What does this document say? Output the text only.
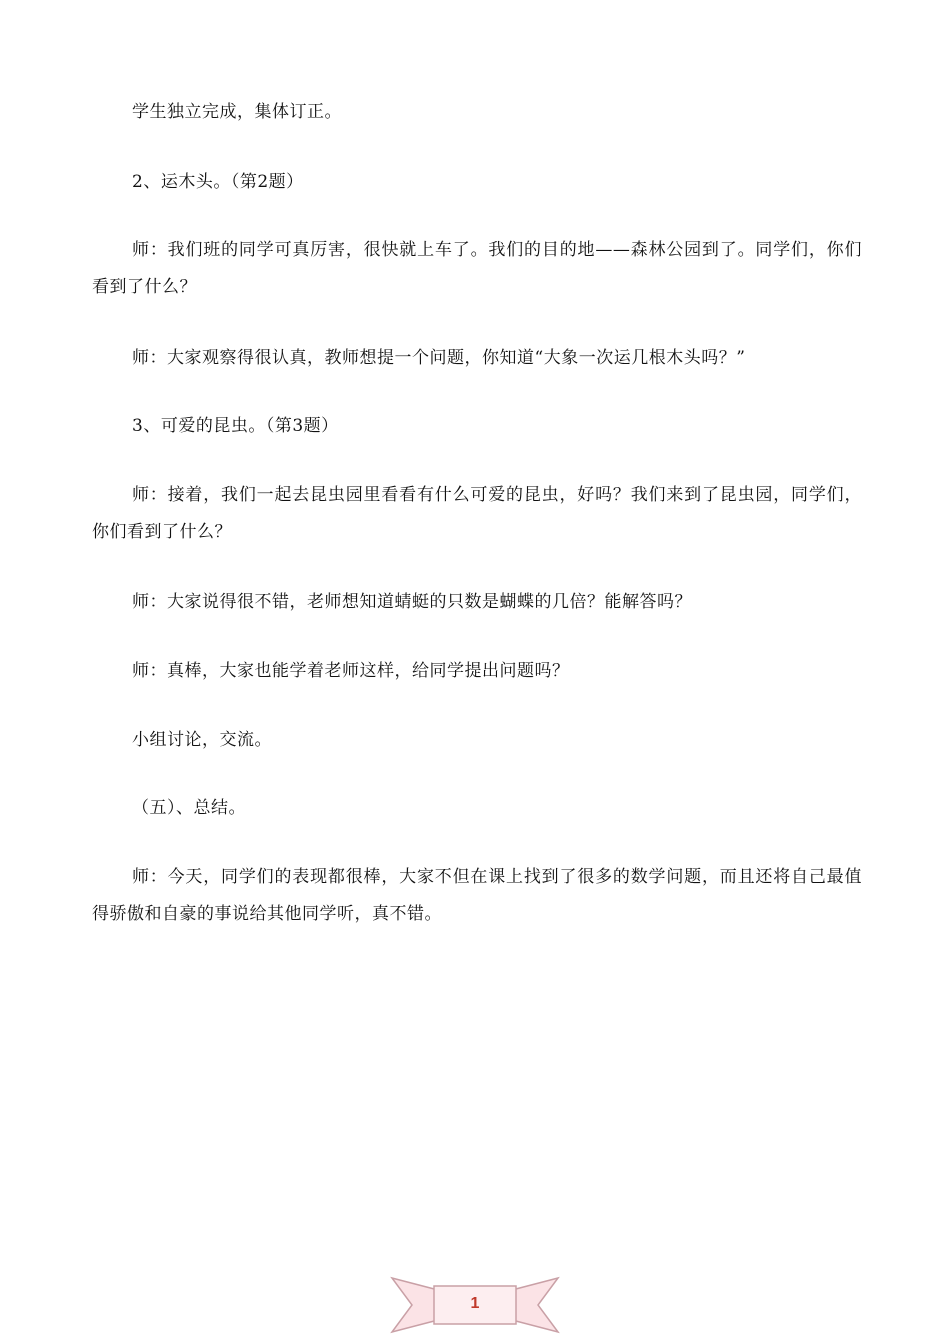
学生独立完成，集体订正。

2、运木头。（第2题）

师：我们班的同学可真厉害，很快就上车了。我们的目的地——森林公园到了。同学们，你们看到了什么？

师：大家观察得很认真，教师想提一个问题，你知道“大象一次运几根木头吗？”

3、可爱的昆虫。（第3题）

师：接着，我们一起去昆虫园里看看有什么可爱的昆虫，好吗？我们来到了昆虫园，同学们，你们看到了什么？

师：大家说得很不错，老师想知道蜻蜓的只数是蝴蝶的几倍？能解答吗？

师：真棒，大家也能学着老师这样，给同学提出问题吗？

小组讨论，交流。

（五）、总结。

师：今天，同学们的表现都很棒，大家不但在课上找到了很多的数学问题，而且还将自己最值得骄傲和自豪的事说给其他同学听，真不错。

1
